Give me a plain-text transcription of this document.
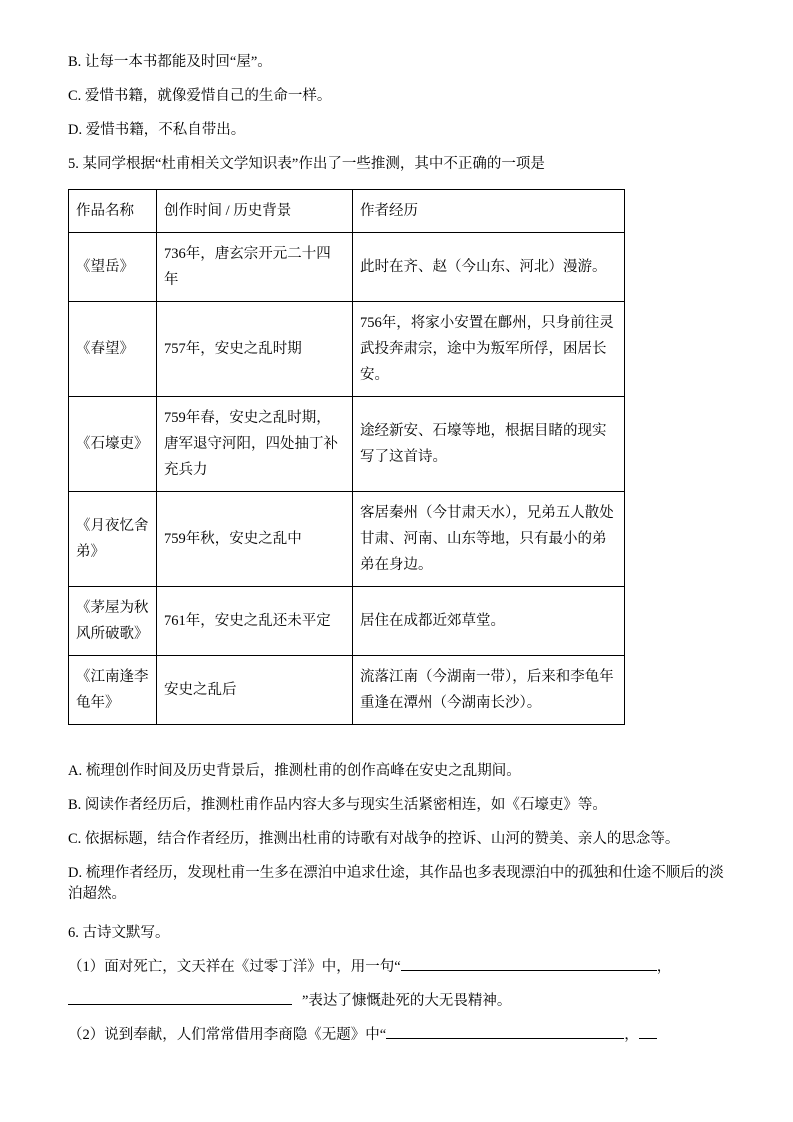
B. 让每一本书都能及时回“屋”。

C. 爱惜书籍，就像爱惜自己的生命一样。

D. 爱惜书籍，不私自带出。

5. 某同学根据“杜甫相关文学知识表”作出了一些推测，其中不正确的一项是

作品名称	创作时间 / 历史背景	作者经历
《望岳》	736年，唐玄宗开元二十四年	此时在齐、赵（今山东、河北）漫游。
《春望》	757年，安史之乱时期	756年，将家小安置在鄜州，只身前往灵武投奔肃宗，途中为叛军所俘，困居长安。
《石壕吏》	759年春，安史之乱时期，唐军退守河阳，四处抽丁补充兵力	途经新安、石壕等地，根据目睹的现实写了这首诗。
《月夜忆舍弟》	759年秋，安史之乱中	客居秦州（今甘肃天水），兄弟五人散处甘肃、河南、山东等地，只有最小的弟弟在身边。
《茅屋为秋风所破歌》	761年，安史之乱还未平定	居住在成都近郊草堂。
《江南逢李龟年》	安史之乱后	流落江南（今湖南一带），后来和李龟年重逢在潭州（今湖南长沙）。

A. 梳理创作时间及历史背景后，推测杜甫的创作高峰在安史之乱期间。

B. 阅读作者经历后，推测杜甫作品内容大多与现实生活紧密相连，如《石壕吏》等。

C. 依据标题，结合作者经历，推测出杜甫的诗歌有对战争的控诉、山河的赞美、亲人的思念等。

D. 梳理作者经历，发现杜甫一生多在漂泊中追求仕途，其作品也多表现漂泊中的孤独和仕途不顺后的淡泊超然。

6. 古诗文默写。

（1）面对死亡，文天祥在《过零丁洋》中，用一句“	，

”表达了慷慨赴死的大无畏精神。

（2）说到奉献，人们常常借用李商隐《无题》中“	，
